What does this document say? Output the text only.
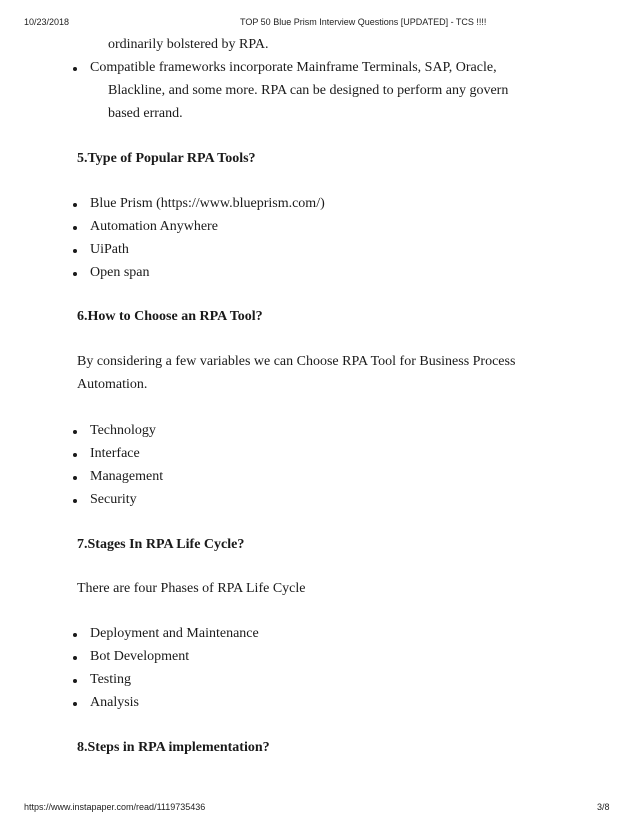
10/23/2018	TOP 50 Blue Prism Interview Questions [UPDATED] - TCS !!!!
ordinarily bolstered by RPA.
Compatible frameworks incorporate Mainframe Terminals, SAP, Oracle,
Blackline, and some more. RPA can be designed to perform any govern
based errand.
5.Type of Popular RPA Tools?
Blue Prism (https://www.blueprism.com/)
Automation Anywhere
UiPath
Open span
6.How to Choose an RPA Tool?
By considering a few variables we can Choose RPA Tool for Business Process
Automation.
Technology
Interface
Management
Security
7.Stages In RPA Life Cycle?
There are four Phases of RPA Life Cycle
Deployment and Maintenance
Bot Development
Testing
Analysis
8.Steps in RPA implementation?
https://www.instapaper.com/read/1119735436	3/8
